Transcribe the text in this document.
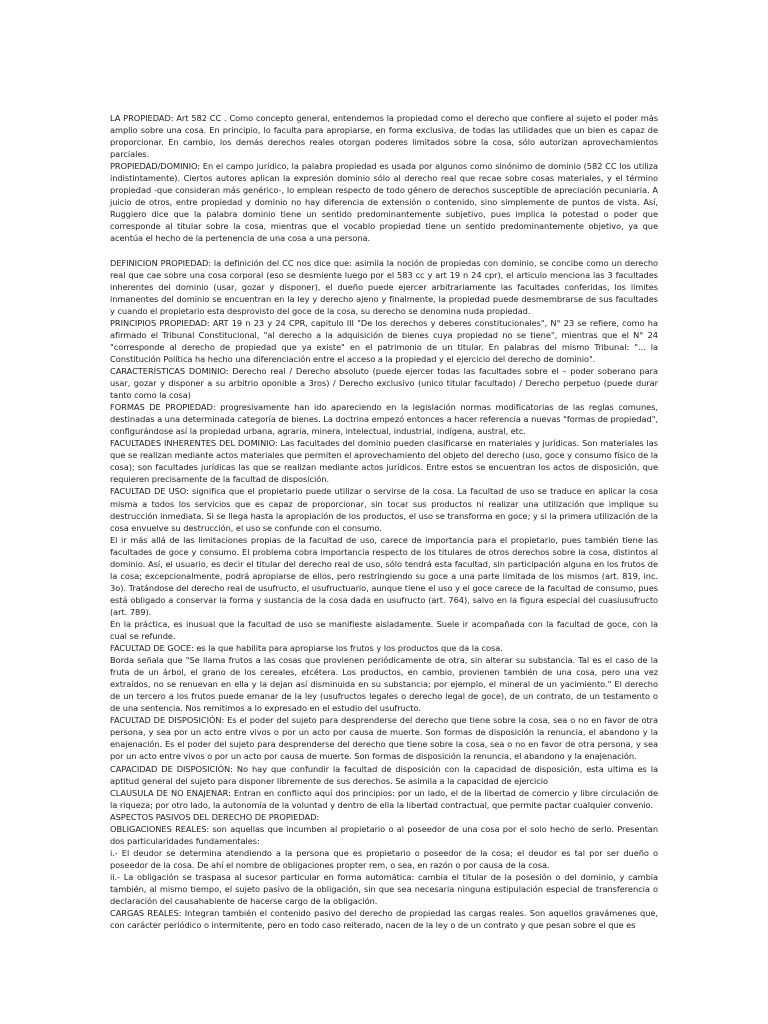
LA PROPIEDAD: Art 582 CC . Como concepto general, entendemos la propiedad como el derecho que confiere al sujeto el poder más amplio sobre una cosa. En principio, lo faculta para apropiarse, en forma exclusiva, de todas las utilidades que un bien es capaz de proporcionar. En cambio, los demás derechos reales otorgan poderes limitados sobre la cosa, sólo autorizan aprovechamientos parciales.

PROPIEDAD/DOMINIO: En el campo jurídico, la palabra propiedad es usada por algunos como sinónimo de dominio (582 CC los utiliza indistintamente). Ciertos autores aplican la expresión dominio sólo al derecho real que recae sobre cosas materiales, y el término propiedad -que consideran más genérico-, lo emplean respecto de todo género de derechos susceptible de apreciación pecuniaria. A juicio de otros, entre propiedad y dominio no hay diferencia de extensión o contenido, sino simplemente de puntos de vista. Así, Ruggiero dice que la palabra dominio tiene un sentido predominantemente subjetivo, pues implica la potestad o poder que corresponde al titular sobre la cosa, mientras que el vocablo propiedad tiene un sentido predominantemente objetivo, ya que acentúa el hecho de la pertenencia de una cosa a una persona.

DEFINICION PROPIEDAD: la definición del CC nos dice que: asimila la noción de propiedas con dominio, se concibe como un derecho real que cae sobre una cosa corporal (eso se desmiente luego por el 583 cc y art 19 n 24 cpr), el articulo menciona las 3 facultades inherentes del dominio (usar, gozar y disponer), el dueño puede ejercer arbitrariamente las facultades conferidas, los limites inmanentes del dominio se encuentran en la ley y derecho ajeno y finalmente, la propiedad puede desmembrarse de sus facultades y cuando el propietario esta desprovisto del goce de la cosa, su derecho se denomina nuda propiedad.

PRINCIPIOS PROPIEDAD: ART 19 n 23 y 24 CPR, capitulo III "De los derechos y deberes constitucionales", N° 23 se refiere, como ha afirmado el Tribunal Constitucional, "al derecho a la adquisición de bienes cuya propiedad no se tiene", mientras que el N° 24 "corresponde al derecho de propiedad que ya existe" en el patrimonio de un titular. En palabras del mismo Tribunal: "... la Constitución Política ha hecho una diferenciación entre el acceso a la propiedad y el ejercicio del derecho de dominio".

CARACTERÍSTICAS DOMINIO: Derecho real / Derecho absoluto (puede ejercer todas las facultades sobre el – poder soberano para usar, gozar y disponer a su arbitrio oponible a 3ros) / Derecho exclusivo (unico titular facultado) / Derecho perpetuo (puede durar tanto como la cosa)

FORMAS DE PROPIEDAD: progresivamente han ido apareciendo en la legislación normas modificatorias de las reglas comunes, destinadas a una determinada categoría de bienes. La doctrina empezó entonces a hacer referencia a nuevas "formas de propiedad", configurándose así la propiedad urbana, agraria, minera, intelectual, industrial, indígena, austral, etc.

FACULTADES INHERENTES DEL DOMINIO: Las facultades del dominio pueden clasificarse en materiales y jurídicas. Son materiales las que se realizan mediante actos materiales que permiten el aprovechamiento del objeto del derecho (uso, goce y consumo físico de la cosa); son facultades jurídicas las que se realizan mediante actos jurídicos. Entre estos se encuentran los actos de disposición, que requieren precisamente de la facultad de disposición.

FACULTAD DE USO: significa que el propietario puede utilizar o servirse de la cosa. La facultad de uso se traduce en aplicar la cosa misma a todos los servicios que es capaz de proporcionar, sin tocar sus productos ni realizar una utilización que implique su destrucción inmediata. Si se llega hasta la apropiación de los productos, el uso se transforma en goce; y si la primera utilización de la cosa envuelve su destrucción, el uso se confunde con el consumo.

El ir más allá de las limitaciones propias de la facultad de uso, carece de importancia para el propietario, pues también tiene las facultades de goce y consumo. El problema cobra importancia respecto de los titulares de otros derechos sobre la cosa, distintos al dominio. Así, el usuario, es decir el titular del derecho real de uso, sólo tendrá esta facultad, sin participación alguna en los frutos de la cosa; excepcionalmente, podrá apropiarse de ellos, pero restringiendo su goce a una parte limitada de los mismos (art. 819, inc. 3o). Tratándose del derecho real de usufructo, el usufructuario, aunque tiene el uso y el goce carece de la facultad de consumo, pues está obligado a conservar la forma y sustancia de la cosa dada en usufructo (art. 764), salvo en la figura especial del cuasiusufructo (art. 789).

En la práctica, es inusual que la facultad de uso se manifieste aisladamente. Suele ir acompañada con la facultad de goce, con la cual se refunde.

FACULTAD DE GOCE: es la que habilita para apropiarse los frutos y los productos que da la cosa.

Borda señala que "Se llama frutos a las cosas que provienen periódicamente de otra, sin alterar su substancia. Tal es el caso de la fruta de un árbol, el grano de los cereales, etcétera. Los productos, en cambio, provienen también de una cosa, pero una vez extraídos, no se renuevan en ella y la dejan así disminuida en su substancia; por ejemplo, el mineral de un yacimiento." El derecho de un tercero a los frutos puede emanar de la ley (usufructos legales o derecho legal de goce), de un contrato, de un testamento o de una sentencia. Nos remitimos a lo expresado en el estudio del usufructo.

FACULTAD DE DISPOSICIÓN: Es el poder del sujeto para desprenderse del derecho que tiene sobre la cosa, sea o no en favor de otra persona, y sea por un acto entre vivos o por un acto por causa de muerte. Son formas de disposición la renuncia, el abandono y la enajenación. Es el poder del sujeto para desprenderse del derecho que tiene sobre la cosa, sea o no en favor de otra persona, y sea por un acto entre vivos o por un acto por causa de muerte. Son formas de disposición la renuncia, el abandono y la enajenación.

CAPACIDAD DE DISPOSICIÓN: No hay que confundir la facultad de disposición con la capacidad de disposición, esta ultima es la aptitud general del sujeto para disponer libremente de sus derechos. Se asimila a la capacidad de ejercicio

CLAUSULA DE NO ENAJENAR: Entran en conflicto aquí dos principios: por un lado, el de la libertad de comercio y libre circulación de la riqueza; por otro lado, la autonomía de la voluntad y dentro de ella la libertad contractual, que permite pactar cualquier convenio.

ASPECTOS PASIVOS DEL DERECHO DE PROPIEDAD:

OBLIGACIONES REALES: son aquellas que incumben al propietario o al poseedor de una cosa por el solo hecho de serlo. Presentan dos particularidades fundamentales:

i.- El deudor se determina atendiendo a la persona que es propietario o poseedor de la cosa; el deudor es tal por ser dueño o poseedor de la cosa. De ahí el nombre de obligaciones propter rem, o sea, en razón o por causa de la cosa.

ii.- La obligación se traspasa al sucesor particular en forma automática: cambia el titular de la posesión o del dominio, y cambia también, al mismo tiempo, el sujeto pasivo de la obligación, sin que sea necesaria ninguna estipulación especial de transferencia o declaración del causahabiente de hacerse cargo de la obligación.

CARGAS REALES: Integran también el contenido pasivo del derecho de propiedad las cargas reales. Son aquellos gravámenes que, con carácter periódico o intermitente, pero en todo caso reiterado, nacen de la ley o de un contrato y que pesan sobre el que es
